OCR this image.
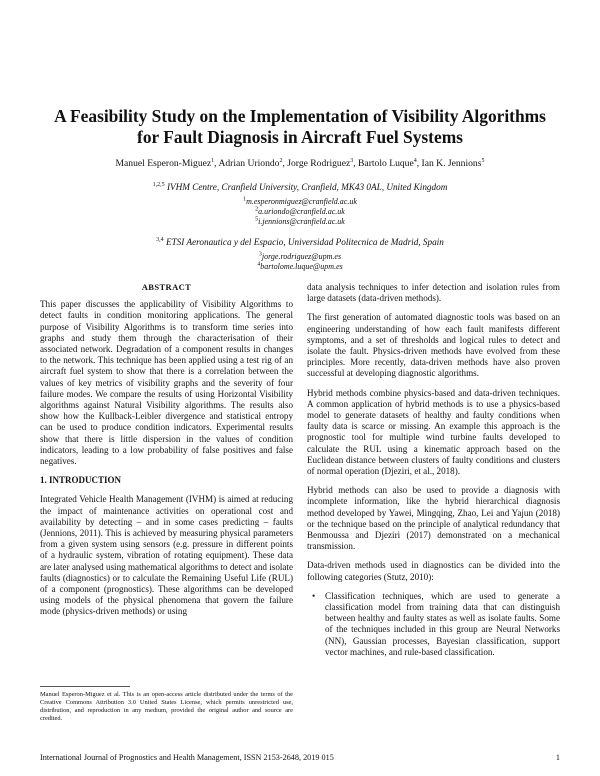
A Feasibility Study on the Implementation of Visibility Algorithms
for Fault Diagnosis in Aircraft Fuel Systems
Manuel Esperon-Miguez$^1$, Adrian Uriondo$^2$, Jorge Rodriguez$^3$, Bartolo Luque$^4$, Ian K. Jennions$^5$
$^{1,2,5}$ IVHM Centre, Cranfield University, Cranfield, MK43 0AL, United Kingdom
$^1$m.esperonmiguez@cranfield.ac.uk
$^2$a.uriondo@cranfield.ac.uk
$^5$i.jennions@cranfield.ac.uk
$^{3,4}$ ETSI Aeronautica y del Espacio, Universidad Politecnica de Madrid, Spain
$^3$jorge.rodriguez@upm.es
$^4$bartolome.luque@upm.es
ABSTRACT

This paper discusses the applicability of Visibility Algorithms to detect faults in condition monitoring applications. The general purpose of Visibility Algorithms is to transform time series into graphs and study them through the characterisation of their associated network. Degradation of a component results in changes to the network. This technique has been applied using a test rig of an aircraft fuel system to show that there is a correlation between the values of key metrics of visibility graphs and the severity of four failure modes. We compare the results of using Horizontal Visibility algorithms against Natural Visibility algorithms. The results also show how the Kullback-Leibler divergence and statistical entropy can be used to produce condition indicators. Experimental results show that there is little dispersion in the values of condition indicators, leading to a low probability of false positives and false negatives.

1. INTRODUCTION

Integrated Vehicle Health Management (IVHM) is aimed at reducing the impact of maintenance activities on operational cost and availability by detecting – and in some cases predicting – faults (Jennions, 2011). This is achieved by measuring physical parameters from a given system using sensors (e.g. pressure in different points of a hydraulic system, vibration of rotating equipment). These data are later analysed using mathematical algorithms to detect and isolate faults (diagnostics) or to calculate the Remaining Useful Life (RUL) of a component (prognostics). These algorithms can be developed using models of the physical phenomena that govern the failure mode (physics-driven methods) or using

data analysis techniques to infer detection and isolation rules from large datasets (data-driven methods).

The first generation of automated diagnostic tools was based on an engineering understanding of how each fault manifests different symptoms, and a set of thresholds and logical rules to detect and isolate the fault. Physics-driven methods have evolved from these principles. More recently, data-driven methods have also proven successful at developing diagnostic algorithms.

Hybrid methods combine physics-based and data-driven techniques. A common application of hybrid methods is to use a physics-based model to generate datasets of healthy and faulty conditions when faulty data is scarce or missing. An example this approach is the prognostic tool for multiple wind turbine faults developed to calculate the RUL using a kinematic approach based on the Euclidean distance between clusters of faulty conditions and clusters of normal operation (Djeziri, et al., 2018).

Hybrid methods can also be used to provide a diagnosis with incomplete information, like the hybrid hierarchical diagnosis method developed by Yawei, Mingqing, Zhao, Lei and Yajun (2018) or the technique based on the principle of analytical redundancy that Benmoussa and Djeziri (2017) demonstrated on a mechanical transmission.

Data-driven methods used in diagnostics can be divided into the following categories (Stutz, 2010):

• Classification techniques, which are used to generate a classification model from training data that can distinguish between healthy and faulty states as well as isolate faults. Some of the techniques included in this group are Neural Networks (NN), Gaussian processes, Bayesian classification, support vector machines, and rule-based classification.
Manuel Esperon-Miguez et al. This is an open-access article distributed under the terms of the Creative Commons Attribution 3.0 United States License, which permits unrestricted use, distribution, and reproduction in any medium, provided the original author and source are credited.
International Journal of Prognostics and Health Management, ISSN 2153-2648, 2019 015	1
